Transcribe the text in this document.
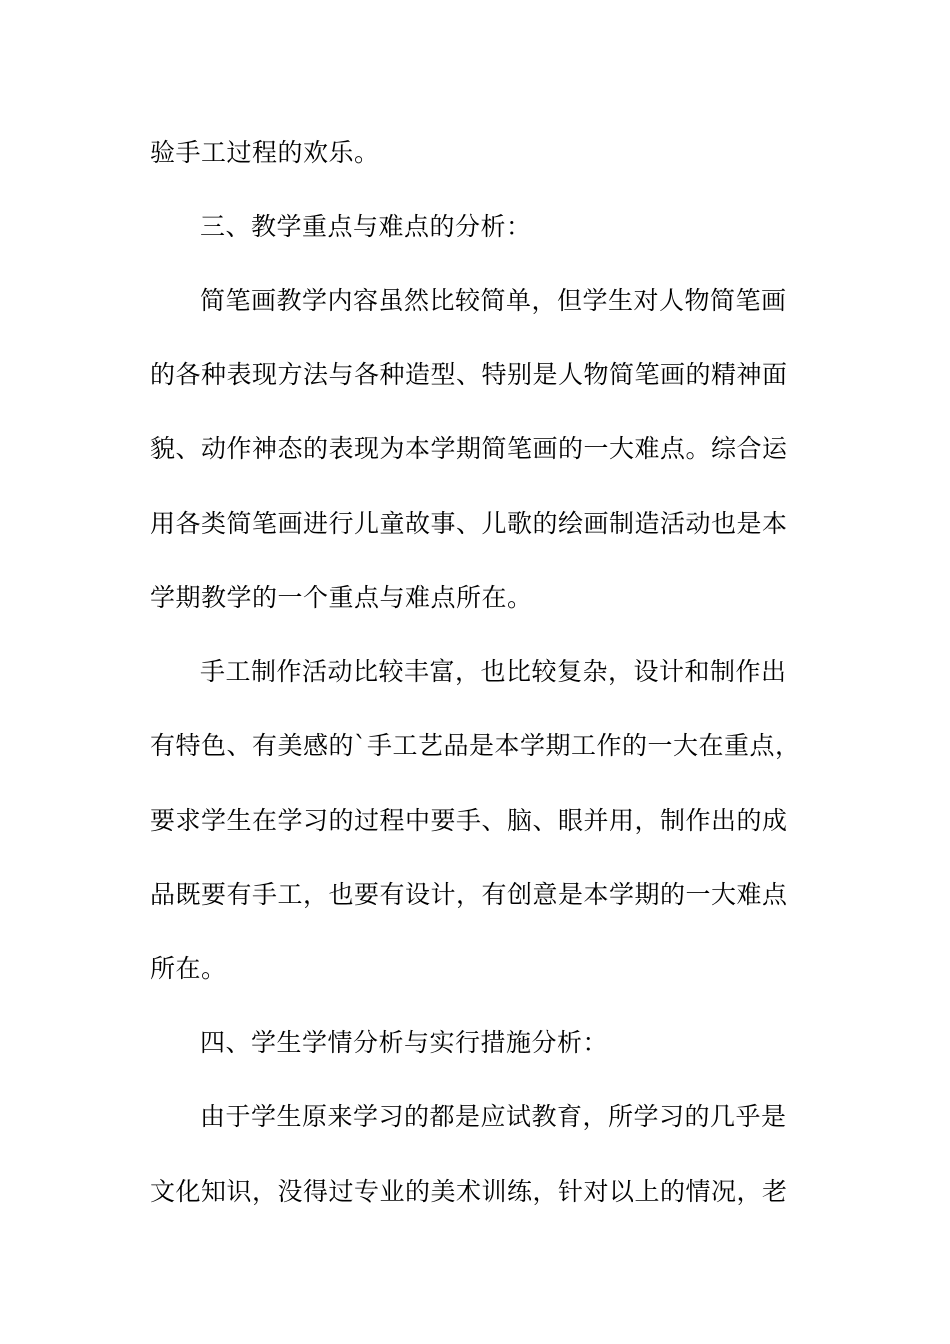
验手工过程的欢乐。
三、教学重点与难点的分析：
简笔画教学内容虽然比较简单，但学生对人物简笔画
的各种表现方法与各种造型、特别是人物简笔画的精神面
貌、动作神态的表现为本学期简笔画的一大难点。综合运
用各类简笔画进行儿童故事、儿歌的绘画制造活动也是本
学期教学的一个重点与难点所在。
手工制作活动比较丰富，也比较复杂，设计和制作出
有特色、有美感的`手工艺品是本学期工作的一大在重点，
要求学生在学习的过程中要手、脑、眼并用，制作出的成
品既要有手工，也要有设计，有创意是本学期的一大难点
所在。
四、学生学情分析与实行措施分析：
由于学生原来学习的都是应试教育，所学习的几乎是
文化知识，没得过专业的美术训练，针对以上的情况，老
